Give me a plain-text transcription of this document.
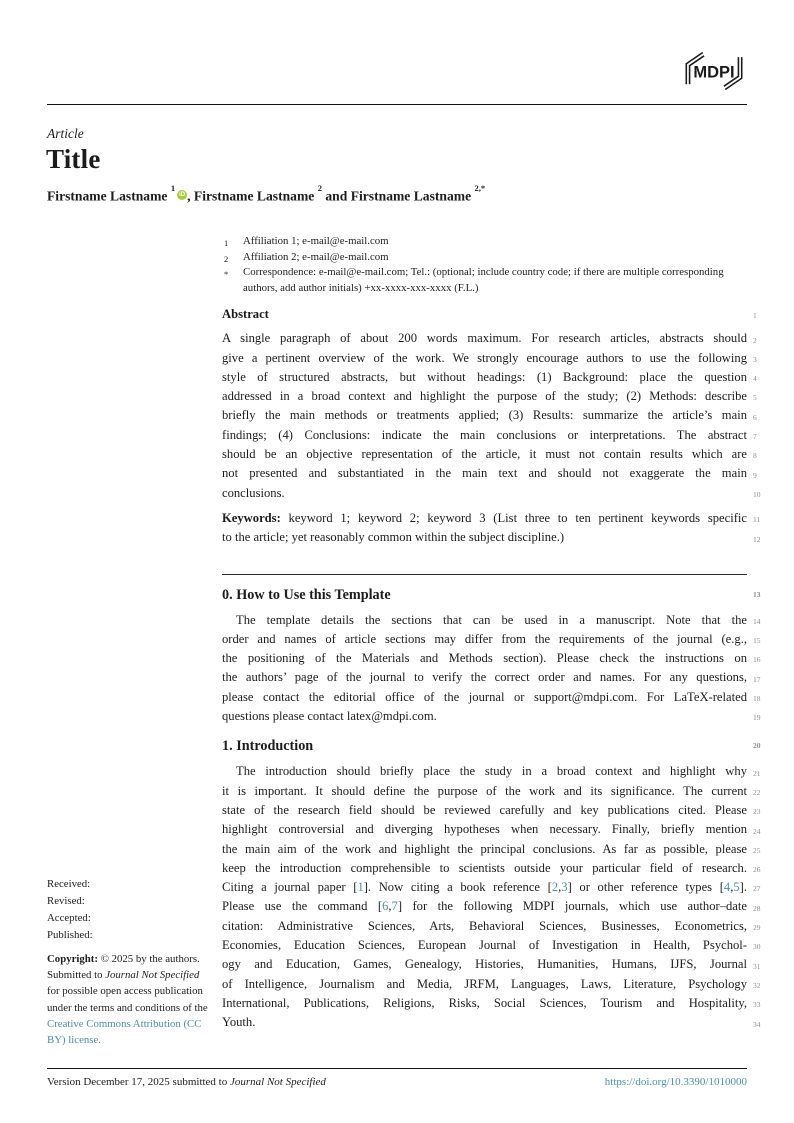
MDPI
Article
Title
Firstname Lastname $^1$iD , Firstname Lastname $^2$ and Firstname Lastname $^{2,*}$
1 Affiliation 1; e-mail@e-mail.com
2 Affiliation 2; e-mail@e-mail.com
* Correspondence: e-mail@e-mail.com; Tel.: (optional; include country code; if there are multiple corresponding authors, add author initials) +xx-xxxx-xxx-xxxx (F.L.)
Abstract	1
A single paragraph of about 200 words maximum. For research articles, abstracts should 2
give a pertinent overview of the work. We strongly encourage authors to use the following 3
style of structured abstracts, but without headings: (1) Background: place the question 4
addressed in a broad context and highlight the purpose of the study; (2) Methods: describe 5
briefly the main methods or treatments applied; (3) Results: summarize the article’s main 6
findings; (4) Conclusions: indicate the main conclusions or interpretations. The abstract 7
should be an objective representation of the article, it must not contain results which are 8
not presented and substantiated in the main text and should not exaggerate the main 9
conclusions.	10
Keywords: keyword 1; keyword 2; keyword 3 (List three to ten pertinent keywords specific 11
to the article; yet reasonably common within the subject discipline.)	12
0. How to Use this Template	13
The template details the sections that can be used in a manuscript. Note that the 14
order and names of article sections may differ from the requirements of the journal (e.g., 15
the positioning of the Materials and Methods section). Please check the instructions on 16
the authors’ page of the journal to verify the correct order and names. For any questions, 17
please contact the editorial office of the journal or support@mdpi.com. For LaTeX-related 18
questions please contact latex@mdpi.com.	19
1. Introduction	20
The introduction should briefly place the study in a broad context and highlight why 21
it is important. It should define the purpose of the work and its significance. The current 22
state of the research field should be reviewed carefully and key publications cited. Please 23
highlight controversial and diverging hypotheses when necessary. Finally, briefly mention 24
the main aim of the work and highlight the principal conclusions. As far as possible, please 25
keep the introduction comprehensible to scientists outside your particular field of research. 26
Citing a journal paper [1]. Now citing a book reference [2,3] or other reference types [4,5]. 27
Please use the command [6,7] for the following MDPI journals, which use author–date 28
citation: Administrative Sciences, Arts, Behavioral Sciences, Businesses, Econometrics, 29
Economies, Education Sciences, European Journal of Investigation in Health, Psychol- 30
ogy and Education, Games, Genealogy, Histories, Humanities, Humans, IJFS, Journal 31
of Intelligence, Journalism and Media, JRFM, Languages, Laws, Literature, Psychology 32
International, Publications, Religions, Risks, Social Sciences, Tourism and Hospitality, 33
Youth.	34
Received:
Revised:
Accepted:
Published:
Copyright: © 2025 by the authors. Submitted to Journal Not Specified for possible open access publication under the terms and conditions of the Creative Commons Attribution (CC BY) license.
Version December 17, 2025 submitted to Journal Not Specified	https://doi.org/10.3390/1010000
